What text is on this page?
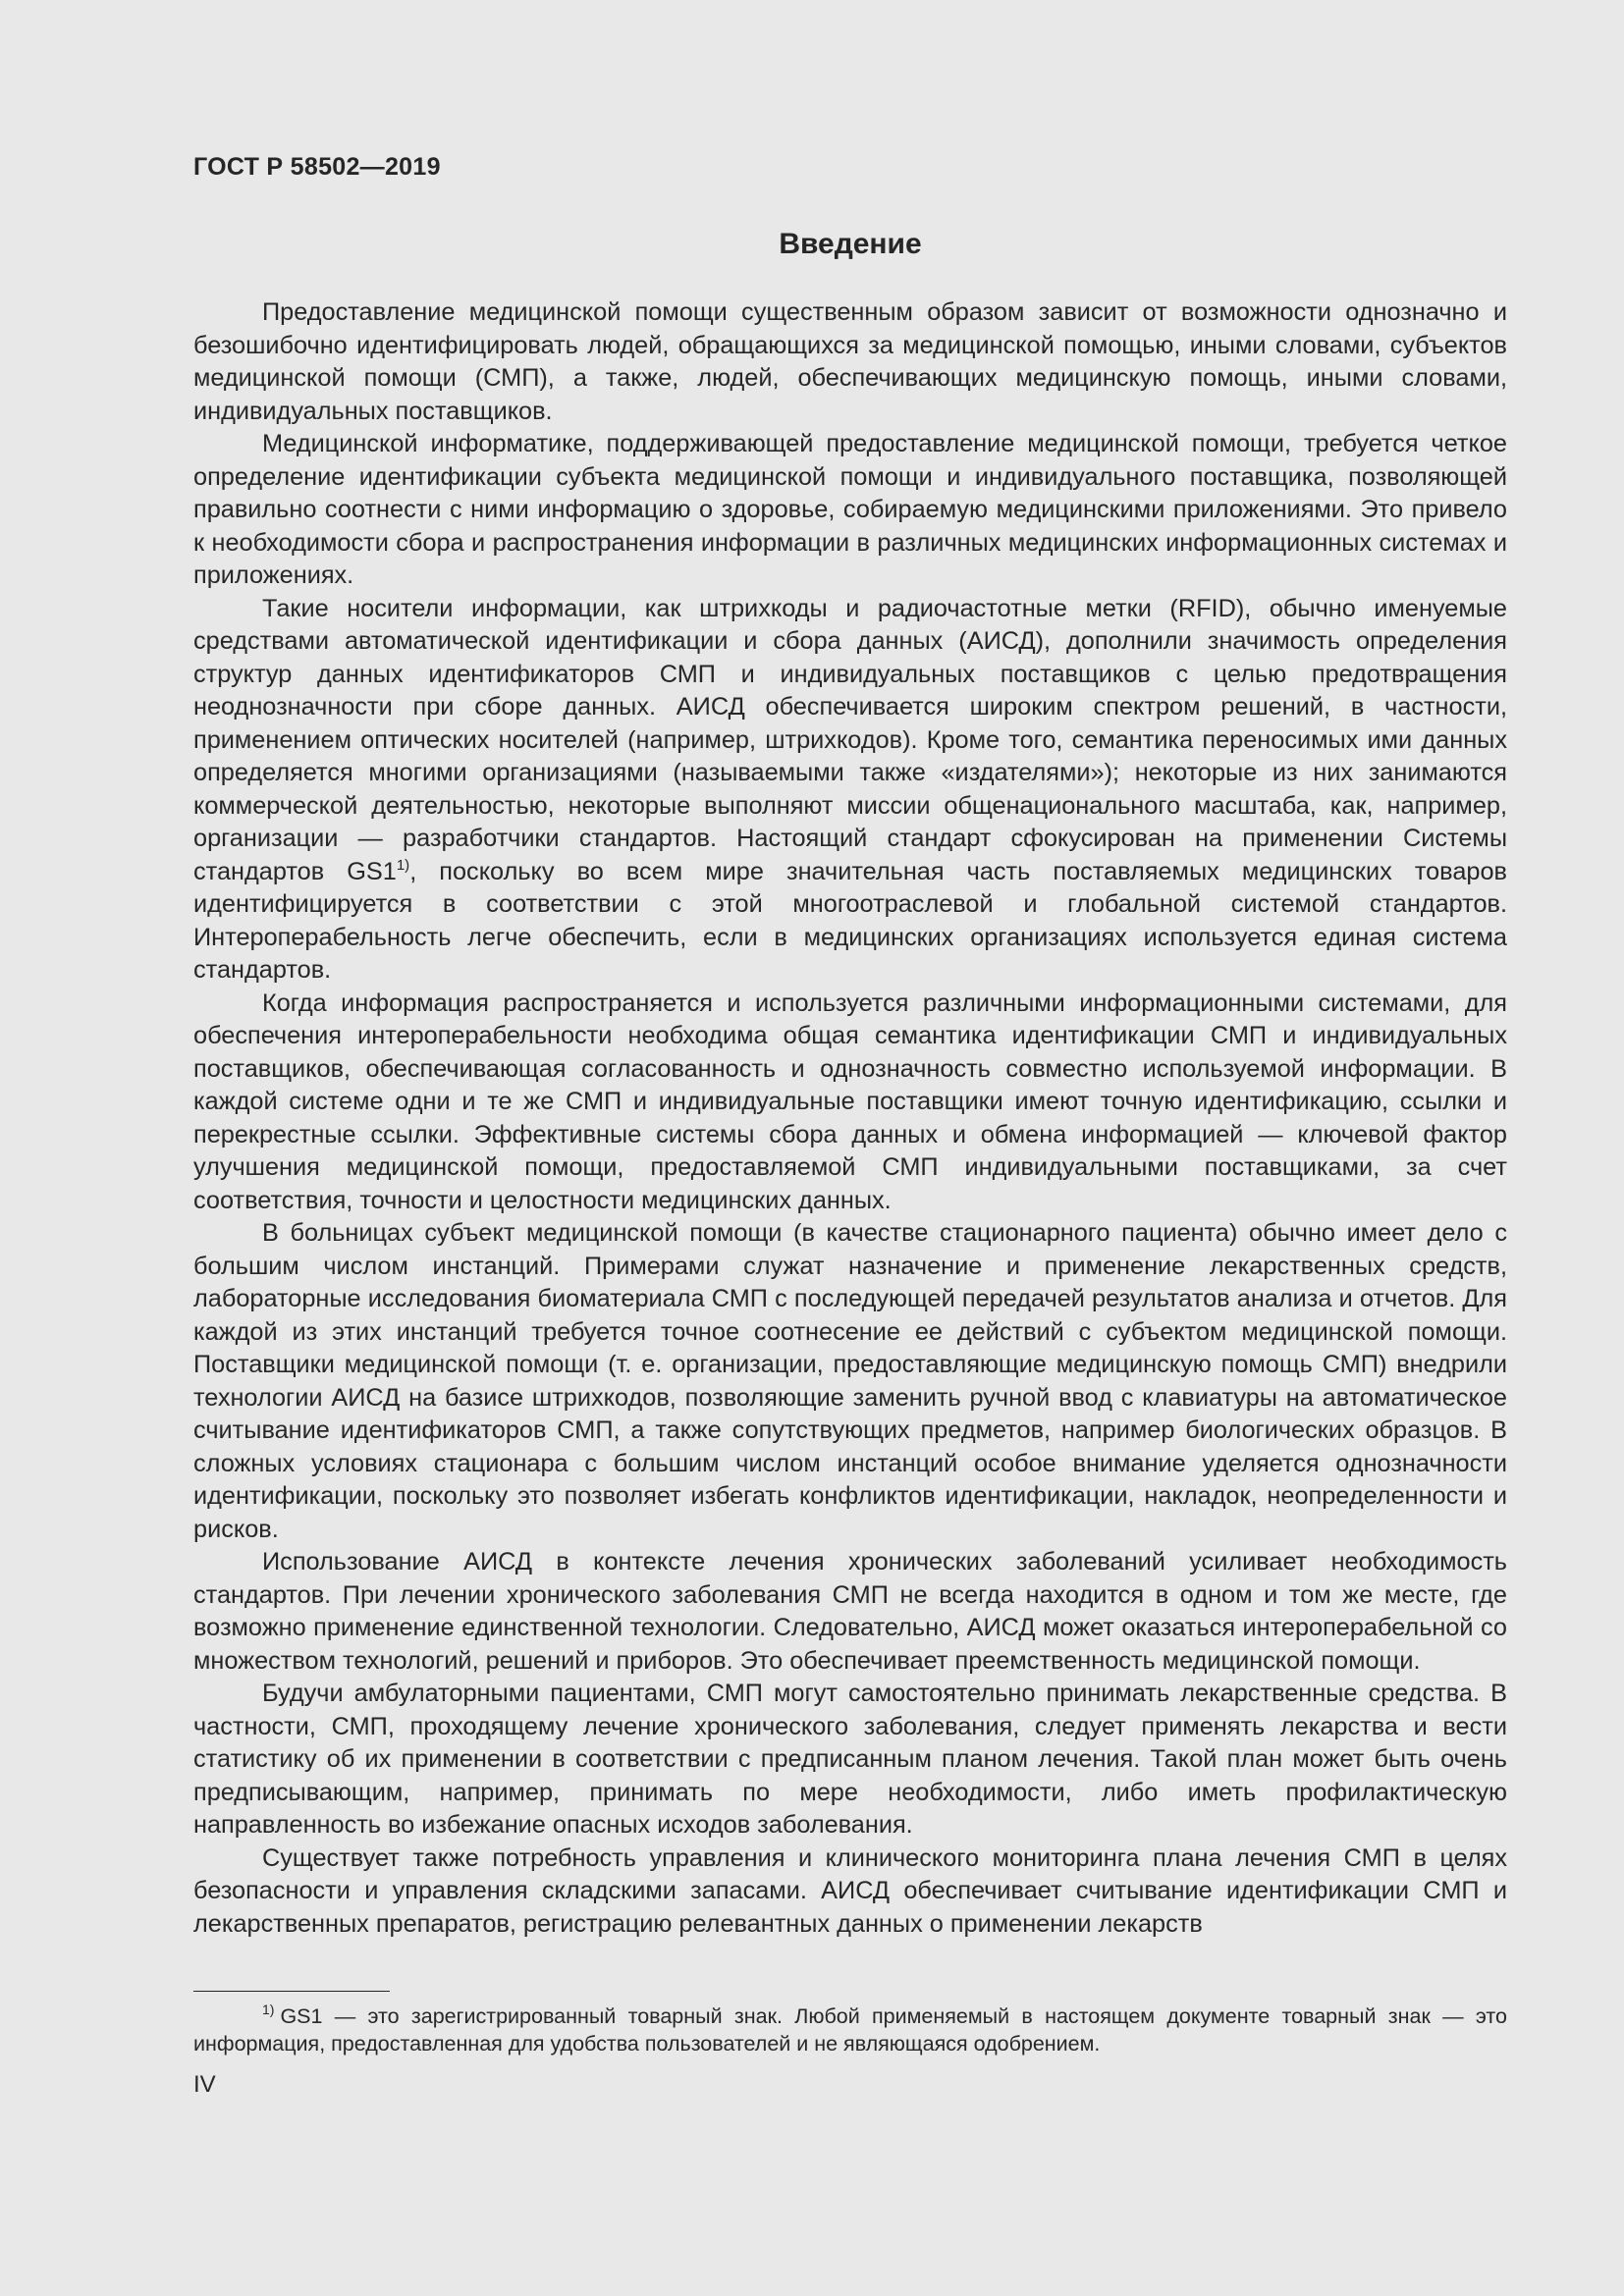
ГОСТ Р 58502—2019
Введение

Предоставление медицинской помощи существенным образом зависит от возможности однозначно и безошибочно идентифицировать людей, обращающихся за медицинской помощью, иными словами, субъектов медицинской помощи (СМП), а также, людей, обеспечивающих медицинскую помощь, иными словами, индивидуальных поставщиков.

Медицинской информатике, поддерживающей предоставление медицинской помощи, требуется четкое определение идентификации субъекта медицинской помощи и индивидуального поставщика, позволяющей правильно соотнести с ними информацию о здоровье, собираемую медицинскими приложениями. Это привело к необходимости сбора и распространения информации в различных медицинских информационных системах и приложениях.

Такие носители информации, как штрихкоды и радиочастотные метки (RFID), обычно именуемые средствами автоматической идентификации и сбора данных (АИСД), дополнили значимость определения структур данных идентификаторов СМП и индивидуальных поставщиков с целью предотвращения неоднозначности при сборе данных. АИСД обеспечивается широким спектром решений, в частности, применением оптических носителей (например, штрихкодов). Кроме того, семантика переносимых ими данных определяется многими организациями (называемыми также «издателями»); некоторые из них занимаются коммерческой деятельностью, некоторые выполняют миссии общенационального масштаба, как, например, организации — разработчики стандартов. Настоящий стандарт сфокусирован на применении Системы стандартов GS1$^{1)}$, поскольку во всем мире значительная часть поставляемых медицинских товаров идентифицируется в соответствии с этой многоотраслевой и глобальной системой стандартов. Интероперабельность легче обеспечить, если в медицинских организациях используется единая система стандартов.

Когда информация распространяется и используется различными информационными системами, для обеспечения интероперабельности необходима общая семантика идентификации СМП и индивидуальных поставщиков, обеспечивающая согласованность и однозначность совместно используемой информации. В каждой системе одни и те же СМП и индивидуальные поставщики имеют точную идентификацию, ссылки и перекрестные ссылки. Эффективные системы сбора данных и обмена информацией — ключевой фактор улучшения медицинской помощи, предоставляемой СМП индивидуальными поставщиками, за счет соответствия, точности и целостности медицинских данных.

В больницах субъект медицинской помощи (в качестве стационарного пациента) обычно имеет дело с большим числом инстанций. Примерами служат назначение и применение лекарственных средств, лабораторные исследования биоматериала СМП с последующей передачей результатов анализа и отчетов. Для каждой из этих инстанций требуется точное соотнесение ее действий с субъектом медицинской помощи. Поставщики медицинской помощи (т. е. организации, предоставляющие медицинскую помощь СМП) внедрили технологии АИСД на базисе штрихкодов, позволяющие заменить ручной ввод с клавиатуры на автоматическое считывание идентификаторов СМП, а также сопутствующих предметов, например биологических образцов. В сложных условиях стационара с большим числом инстанций особое внимание уделяется однозначности идентификации, поскольку это позволяет избегать конфликтов идентификации, накладок, неопределенности и рисков.

Использование АИСД в контексте лечения хронических заболеваний усиливает необходимость стандартов. При лечении хронического заболевания СМП не всегда находится в одном и том же месте, где возможно применение единственной технологии. Следовательно, АИСД может оказаться интероперабельной со множеством технологий, решений и приборов. Это обеспечивает преемственность медицинской помощи.

Будучи амбулаторными пациентами, СМП могут самостоятельно принимать лекарственные средства. В частности, СМП, проходящему лечение хронического заболевания, следует применять лекарства и вести статистику об их применении в соответствии с предписанным планом лечения. Такой план может быть очень предписывающим, например, принимать по мере необходимости, либо иметь профилактическую направленность во избежание опасных исходов заболевания.

Существует также потребность управления и клинического мониторинга плана лечения СМП в целях безопасности и управления складскими запасами. АИСД обеспечивает считывание идентификации СМП и лекарственных препаратов, регистрацию релевантных данных о применении лекарств

$^{1)}$ GS1 — это зарегистрированный товарный знак. Любой применяемый в настоящем документе товарный знак — это информация, предоставленная для удобства пользователей и не являющаяся одобрением.
IV
